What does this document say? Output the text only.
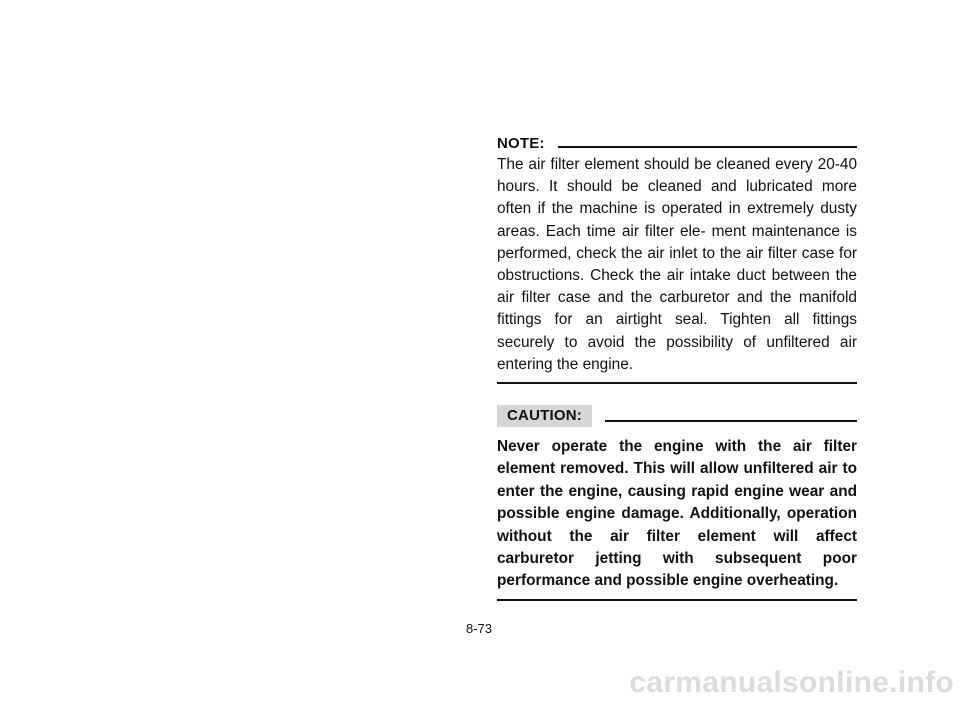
NOTE:

The air filter element should be cleaned every 20-40 hours. It should be cleaned and lubricated more often if the machine is operated in extremely dusty areas. Each time air filter ele- ment maintenance is performed, check the air inlet to the air filter case for obstructions. Check the air intake duct between the air filter case and the carburetor and the manifold fittings for an airtight seal. Tighten all fittings securely to avoid the possibility of unfiltered air entering the engine.

CAUTION:

Never operate the engine with the air filter element removed. This will allow unfiltered air to enter the engine, causing rapid engine wear and possible engine damage. Additionally, operation without the air filter element will affect carburetor jetting with subsequent poor performance and possible engine overheating.

8-73
carmanualsonline.info
